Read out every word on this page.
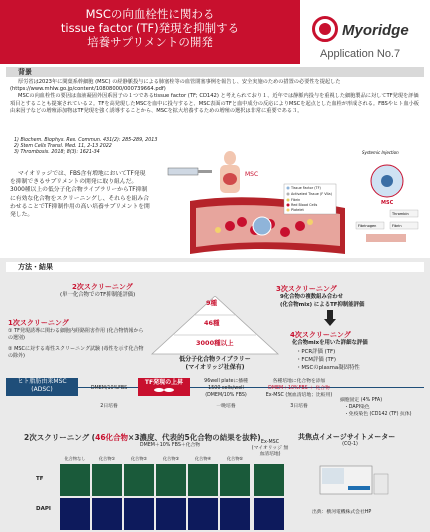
MSCの向血栓性に関わる
tissue factor (TF)発現を抑制する
培養サプリメントの開発
Myoridge
Application No.7
背景

厚労省は2023年に間葉系幹細胞 (MSC) の経静脈投与による肺塞栓等の血管閉塞事例を報告し、安全実施のための措置の必要性を提起した (https://www.mhlw.go.jp/content/10808000/000739664.pdf)

MSCの向血栓性の要因は血液凝固外因系因子の１つであるtissue factor (TF; CD142) と考えられており１、近年では静脈内投与を重視した細胞製品に対してTF発現を評価項目とすることも提案されている２。TFを高発現したMSCを血中に投与すると、MSC表面のTFと血中成分の反応によりMSCを起点とした血栓が形成される。FBSやヒト血小板由来因子などの増殖添加物はTF発現を強く誘導することから、MSCを拡大培養するための増殖の選択は非常に重要である３。

1) Biochem. Biophys. Res. Commun. 431(2): 285-289, 2013
2) Stem Cells Transl. Med. 11, 2-13 2022
3) Thrombosis. 2018; 8(3): 1621-34
マイオリッジでは、FBS含有増地においてTF発現を抑制できるサプリメントの開発に取り組んだ。3000種以上の低分子化合物ライブラリーからTF抑制に有効な化合物をスクリーニングし、それらを組み合わせることでTF抑制作用の高い培養サプリメントを開発した。
MSC
Tissue Factor (TF)
Activated Tissue (F VIIa)
Fibrin
Red Blood Cells
Platelet
Systemic Injection
MSC
Thrombin
Fibrinogen	Fibrin
方法・結果
2次スクリーニング
(単一化合物でのTF抑制能評価)
1次スクリーニング
① TF発現誘導に関わる細胞内経路阻害作用 (化合物情報から の選別)
② MSCに対する毒性スクリーニング試験 (毒性を示す化合物の除外)
9種
46種
3000種以上
低分子化合物ライブラリー
(マイオリッジ社保有)
3次スクリーニング
9化合物の複数組み合わせ
(化合物mix) によるTF抑制能評価
4次スクリーニング
化合物mixを用いた詳細な評価
・PCR評価 (TF)
・FCM評価 (TF)
・MSCのplasma凝固特性
ヒト脂肪由来MSC
(ADSC)	DMEM/10%FBS
2日培養
TF発現の上昇	96well plateに播種
1500 cells/well
(DMEM/10% FBS)
一晩培養
各種培地に化合物を添加
DMEM＋10%FBS ＋ 化合物
Ex-MSC (無血清培地；比較用)
3日培養
細胞固定 (4% PFA)
・DAPI染色
・免疫染色 (CD142 (TF) 抗体)
2次スクリーニング (46化合物×3濃度、代表的5化合物の結果を抜粋)
DMEM＋10% FBS＋化合物
Ex-MSC
(マイオリッジ 無血清培地)
TF
DAPI
化合物なし	化合物①	化合物②	化合物③	化合物④	化合物⑤
共焦点イメージサイトメーター
(CQ-1)
出典：横河電機株式会社HP
